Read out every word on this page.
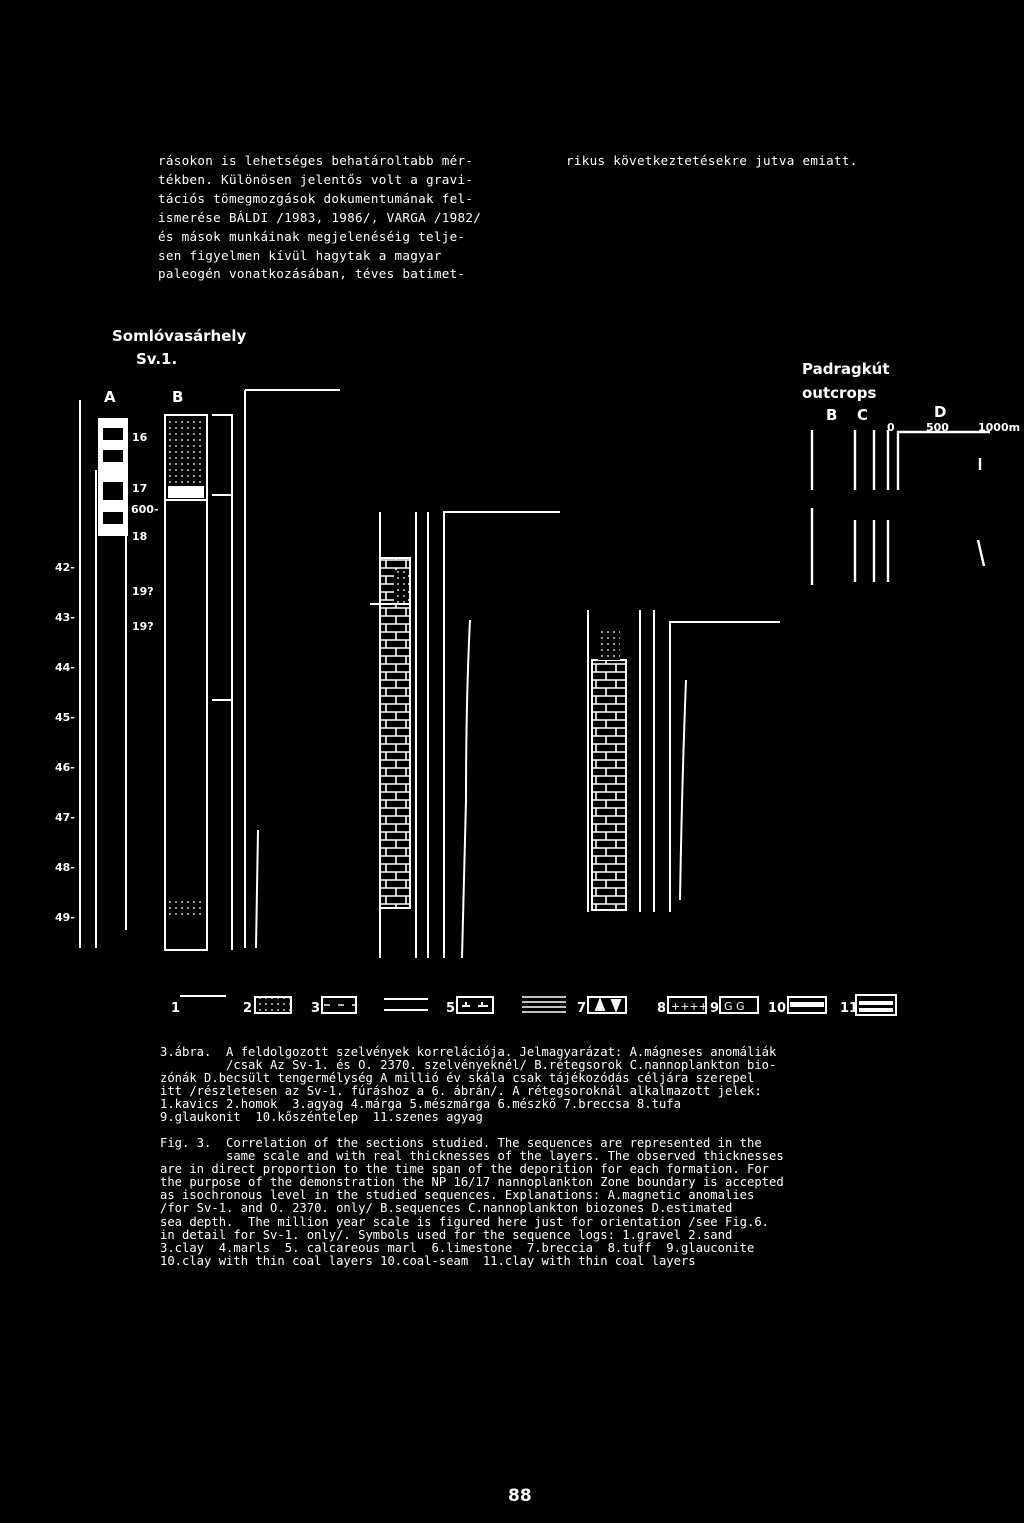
rásokon is lehetséges behatároltabb mér-
tékben. Különösen jelentős volt a gravi-
tációs tömegmozgások dokumentumának fel-
ismerése BÁLDI /1983, 1986/, VARGA /1982/
és mások munkáinak megjelenéséig telje-
sen figyelmen kívül hagytak a magyar
paleogén vonatkozásában, téves batimet-
rikus következtetésekre jutva emiatt.
++++ G G
Somlóvasárhely
Sv.1.
A	B
16
17
600-
18
19?
19?
42-
43-
44-
45-
46-
47-
48-
49-
Padragkút
outcrops
B C	D
0	500	1000m
1	2	3	5	7	8	9	10	11
3.ábra.  A feldolgozott szelvények korrelációja. Jelmagyarázat: A.mágneses anomáliák
/csak Az Sv-1. és O. 2370. szelvényeknél/ B.rétegsorok C.nannoplankton bio-
zónák D.becsült tengermélység A millió év skála csak tájékozódás céljára szerepel
itt /részletesen az Sv-1. fúráshoz a 6. ábrán/. A rétegsoroknál alkalmazott jelek:
1.kavics 2.homok  3.agyag 4.márga 5.mészmárga 6.mészkő 7.breccsa 8.tufa
9.glaukonit  10.kőszéntelep  11.szenes agyag
Fig. 3.  Correlation of the sections studied. The sequences are represented in the
same scale and with real thicknesses of the layers. The observed thicknesses
are in direct proportion to the time span of the deporition for each formation. For
the purpose of the demonstration the NP 16/17 nannoplankton Zone boundary is accepted
as isochronous level in the studied sequences. Explanations: A.magnetic anomalies
/for Sv-1. and O. 2370. only/ B.sequences C.nannoplankton biozones D.estimated
sea depth.  The million year scale is figured here just for orientation /see Fig.6.
in detail for Sv-1. only/. Symbols used for the sequence logs: 1.gravel 2.sand
3.clay  4.marls  5. calcareous marl  6.limestone  7.breccia  8.tuff  9.glauconite
10.clay with thin coal layers 10.coal-seam  11.clay with thin coal layers
88
